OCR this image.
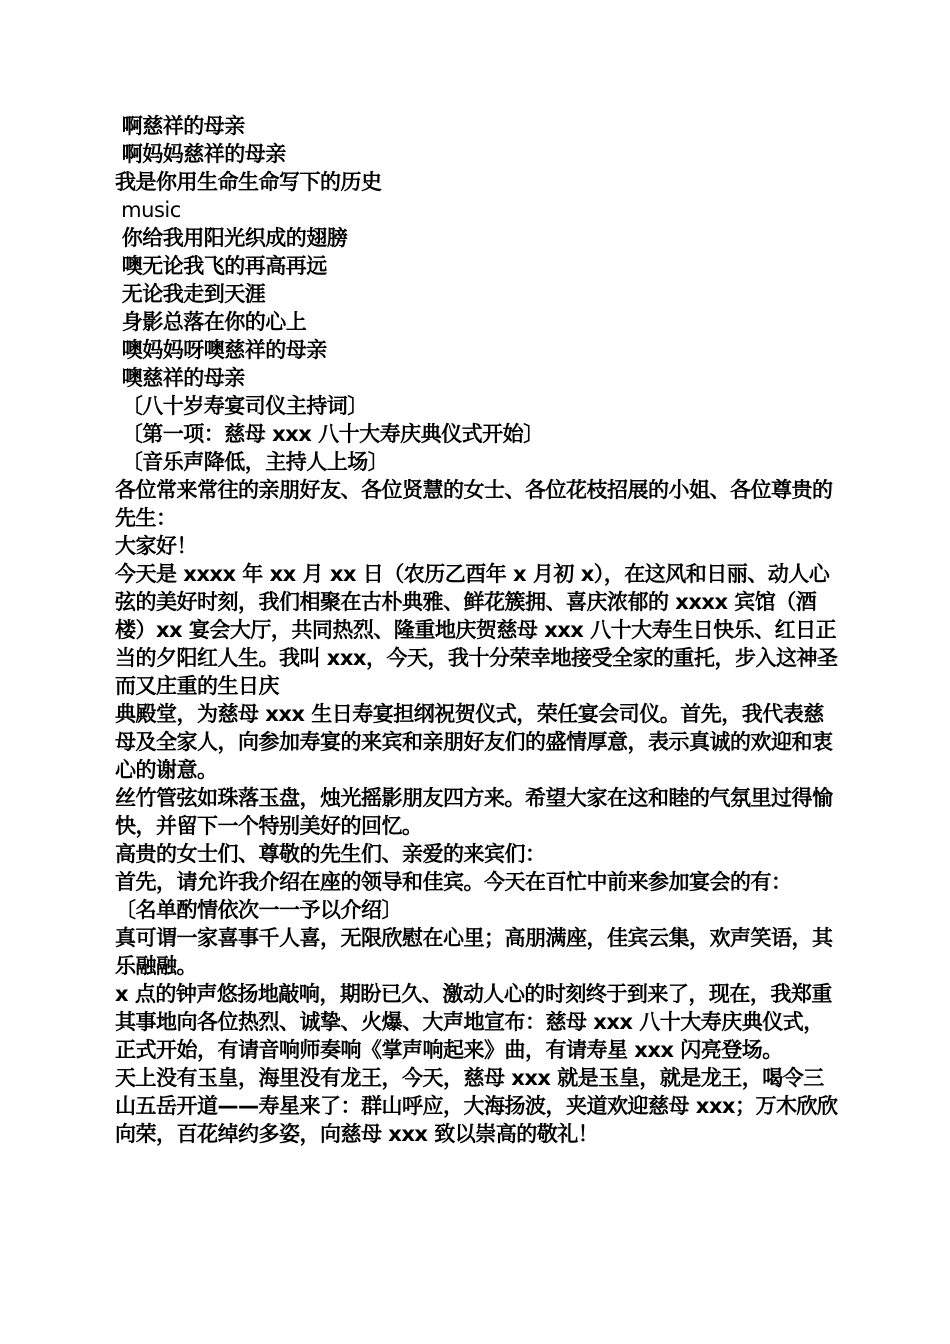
啊慈祥的母亲

啊妈妈慈祥的母亲

我是你用生命生命写下的历史

music

你给我用阳光织成的翅膀

噢无论我飞的再高再远

无论我走到天涯

身影总落在你的心上

噢妈妈呀噢慈祥的母亲

噢慈祥的母亲

〔八十岁寿宴司仪主持词〕

〔第一项：慈母 xxx 八十大寿庆典仪式开始〕

〔音乐声降低，主持人上场〕

各位常来常往的亲朋好友、各位贤慧的女士、各位花枝招展的小姐、各位尊贵的先生：

大家好！

今天是 xxxx 年 xx 月 xx 日（农历乙酉年 x 月初 x），在这风和日丽、动人心弦的美好时刻，我们相聚在古朴典雅、鲜花簇拥、喜庆浓郁的 xxxx 宾馆（酒楼）xx 宴会大厅，共同热烈、隆重地庆贺慈母 xxx 八十大寿生日快乐、红日正当的夕阳红人生。我叫 xxx，今天，我十分荣幸地接受全家的重托，步入这神圣而又庄重的生日庆

典殿堂，为慈母 xxx 生日寿宴担纲祝贺仪式，荣任宴会司仪。首先，我代表慈母及全家人，向参加寿宴的来宾和亲朋好友们的盛情厚意，表示真诚的欢迎和衷心的谢意。

丝竹管弦如珠落玉盘，烛光摇影朋友四方来。希望大家在这和睦的气氛里过得愉快，并留下一个特别美好的回忆。

高贵的女士们、尊敬的先生们、亲爱的来宾们：

首先，请允许我介绍在座的领导和佳宾。今天在百忙中前来参加宴会的有：

〔名单酌情依次一一予以介绍〕

真可谓一家喜事千人喜，无限欣慰在心里；高朋满座，佳宾云集，欢声笑语，其乐融融。

x 点的钟声悠扬地敲响，期盼已久、激动人心的时刻终于到来了，现在，我郑重其事地向各位热烈、诚挚、火爆、大声地宣布：慈母 xxx 八十大寿庆典仪式，正式开始，有请音响师奏响《掌声响起来》曲，有请寿星 xxx 闪亮登场。

天上没有玉皇，海里没有龙王，今天，慈母 xxx 就是玉皇，就是龙王，喝令三山五岳开道——寿星来了：群山呼应，大海扬波，夹道欢迎慈母 xxx；万木欣欣向荣，百花绰约多姿，向慈母 xxx 致以崇高的敬礼！
